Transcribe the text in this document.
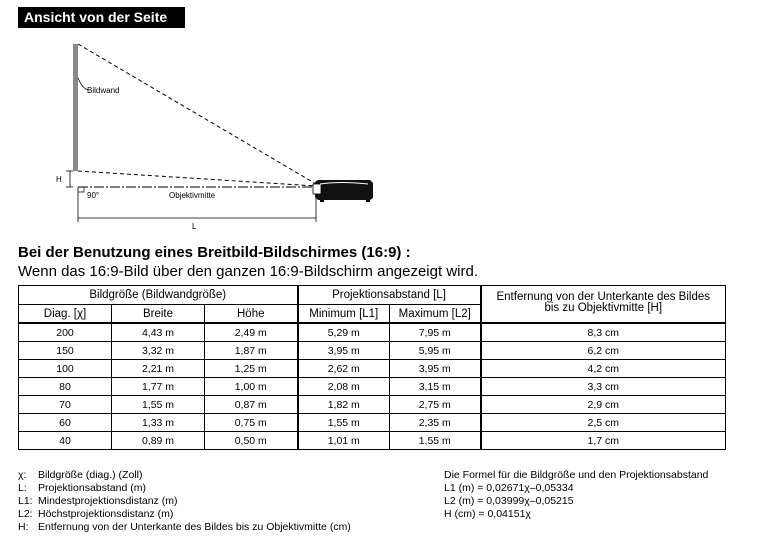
Ansicht von der Seite
H
90°
Bildwand
Objektivmitte
L
Bei der Benutzung eines Breitbild-Bildschirmes (16:9) :
Wenn das 16:9-Bild über den ganzen 16:9-Bildschirm angezeigt wird.
Bildgröße (Bildwandgröße)			Projektionsabstand [L]		Entfernung von der Unterkante des Bildes
bis zu Objektivmitte [H]
Diag. [χ]	Breite	Höhe	Minimum [L1]	Maximum [L2]	
200	4,43 m	2,49 m	5,29 m	7,95 m	8,3 cm
150	3,32 m	1,87 m	3,95 m	5,95 m	6,2 cm
100	2,21 m	1,25 m	2,62 m	3,95 m	4,2 cm
80	1,77 m	1,00 m	2,08 m	3,15 m	3,3 cm
70	1,55 m	0,87 m	1,82 m	2,75 m	2,9 cm
60	1,33 m	0,75 m	1,55 m	2,35 m	2,5 cm
40	0,89 m	0,50 m	1,01 m	1,55 m	1,7 cm
χ: Bildgröße (diag.) (Zoll)
L: Projektionsabstand (m)
L1: Mindestprojektionsdistanz (m)
L2: Höchstprojektionsdistanz (m)
H: Entfernung von der Unterkante des Bildes bis zu Objektivmitte (cm)
Die Formel für die Bildgröße und den Projektionsabstand
L1 (m) = 0,02671χ–0,05334
L2 (m) = 0,03999χ–0,05215
H (cm) = 0,04151χ
